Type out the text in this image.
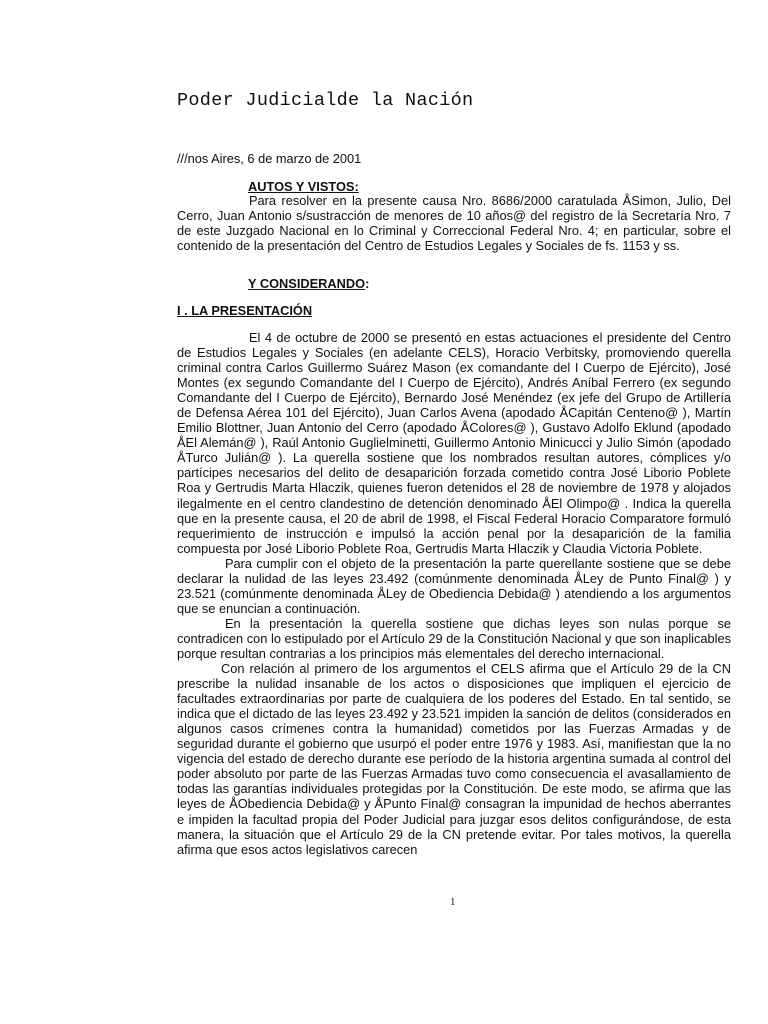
Poder Judicialde la Nación
///nos Aires, 6 de marzo de 2001
AUTOS Y VISTOS:
Para resolver en la presente causa Nro. 8686/2000 caratulada ÅSimon, Julio, Del Cerro, Juan Antonio s/sustracción de menores de 10 años@ del registro de la Secretaría Nro. 7 de este Juzgado Nacional en lo Criminal y Correccional Federal Nro. 4; en particular, sobre el contenido de la presentación del Centro de Estudios Legales y Sociales de fs. 1153 y ss.
Y CONSIDERANDO:
I . LA PRESENTACIÓN

El 4 de octubre de 2000 se presentó en estas actuaciones el presidente del Centro de Estudios Legales y Sociales (en adelante CELS), Horacio Verbitsky, promoviendo querella criminal contra Carlos Guillermo Suárez Mason (ex comandante del I Cuerpo de Ejército), José Montes (ex segundo Comandante del I Cuerpo de Ejército), Andrés Aníbal Ferrero (ex segundo Comandante del I Cuerpo de Ejército), Bernardo José Menéndez (ex jefe del Grupo de Artillería de Defensa Aérea 101 del Ejército), Juan Carlos Avena (apodado ÅCapitán Centeno@ ), Martín Emilio Blottner, Juan Antonio del Cerro (apodado ÅColores@ ), Gustavo Adolfo Eklund (apodado ÅEl Alemán@ ), Raúl Antonio Guglielminetti, Guillermo Antonio Minicucci y Julio Simón (apodado ÅTurco Julián@ ). La querella sostiene que los nombrados resultan autores, cómplices y/o partícipes necesarios del delito de desaparición forzada cometido contra José Liborio Poblete Roa y Gertrudis Marta Hlaczik, quienes fueron detenidos el 28 de noviembre de 1978 y alojados ilegalmente en el centro clandestino de detención denominado ÅEl Olimpo@ . Indica la querella que en la presente causa, el 20 de abril de 1998, el Fiscal Federal Horacio Comparatore formuló requerimiento de instrucción e impulsó la acción penal por la desaparición de la familia compuesta por José Liborio Poblete Roa, Gertrudis Marta Hlaczik y Claudia Victoria Poblete.

Para cumplir con el objeto de la presentación la parte querellante sostiene que se debe declarar la nulidad de las leyes 23.492 (comúnmente denominada ÅLey de Punto Final@ ) y 23.521 (comúnmente denominada ÅLey de Obediencia Debida@ ) atendiendo a los argumentos que se enuncian a continuación.

En la presentación la querella sostiene que dichas leyes son nulas porque se contradicen con lo estipulado por el Artículo 29 de la Constitución Nacional y que son inaplicables porque resultan contrarias a los principios más elementales del derecho internacional.

Con relación al primero de los argumentos el CELS afirma que el Artículo 29 de la CN prescribe la nulidad insanable de los actos o disposiciones que impliquen el ejercicio de facultades extraordinarias por parte de cualquiera de los poderes del Estado. En tal sentido, se indica que el dictado de las leyes 23.492 y 23.521 impiden la sanción de delitos (considerados en algunos casos crímenes contra la humanidad) cometidos por las Fuerzas Armadas y de seguridad durante el gobierno que usurpó el poder entre 1976 y 1983. Así, manifiestan que la no vigencia del estado de derecho durante ese período de la historia argentina sumada al control del poder absoluto por parte de las Fuerzas Armadas tuvo como consecuencia el avasallamiento de todas las garantías individuales protegidas por la Constitución. De este modo, se afirma que las leyes de ÅObediencia Debida@ y ÅPunto Final@ consagran la impunidad de hechos aberrantes e impiden la facultad propia del Poder Judicial para juzgar esos delitos configurándose, de esta manera, la situación que el Artículo 29 de la CN pretende evitar. Por tales motivos, la querella afirma que esos actos legislativos carecen

1
